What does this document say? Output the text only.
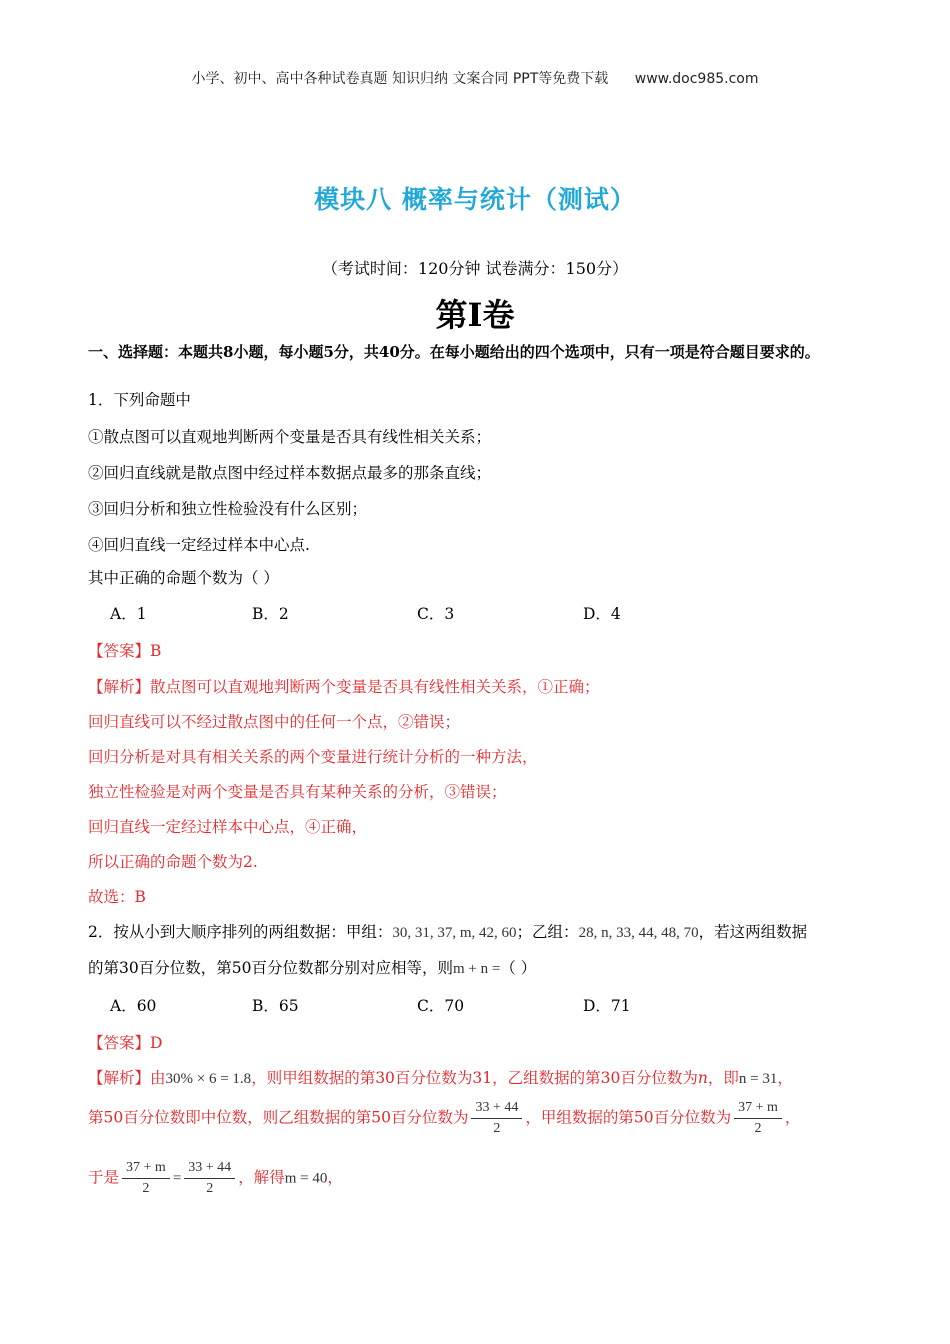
小学、初中、高中各种试卷真题 知识归纳 文案合同 PPT等免费下载 www.doc985.com
模块八 概率与统计（测试）
（考试时间：120分钟 试卷满分：150分）
第Ⅰ卷
一、选择题：本题共8小题，每小题5分，共40分。在每小题给出的四个选项中，只有一项是符合题目要求的。
1．下列命题中
①散点图可以直观地判断两个变量是否具有线性相关关系；
②回归直线就是散点图中经过样本数据点最多的那条直线；
③回归分析和独立性检验没有什么区别；
④回归直线一定经过样本中心点.
其中正确的命题个数为（ ）
A．1	B．2	C．3	D．4
【答案】B
【解析】散点图可以直观地判断两个变量是否具有线性相关关系，①正确；
回归直线可以不经过散点图中的任何一个点，②错误；
回归分析是对具有相关关系的两个变量进行统计分析的一种方法，
独立性检验是对两个变量是否具有某种关系的分析，③错误；
回归直线一定经过样本中心点，④正确，
所以正确的命题个数为2.
故选：B
2．按从小到大顺序排列的两组数据：甲组：30, 31, 37, m, 42, 60；乙组：28, n, 33, 44, 48, 70，若这两组数据
的第30百分位数，第50百分位数都分别对应相等，则m + n =（ ）
A．60	B．65	C．70	D．71
【答案】D
【解析】由30% × 6 = 1.8，则甲组数据的第30百分位数为31，乙组数据的第30百分位数为n，即n = 31，
第50百分位数即中位数，则乙组数据的第50百分位数为 $\frac{33 + 44}{2}$ ，甲组数据的第50百分位数为 $\frac{37 + m}{2}$ ，
于是 $\frac{37 + m}{2} = \frac{33 + 44}{2}$ ，解得m = 40，
